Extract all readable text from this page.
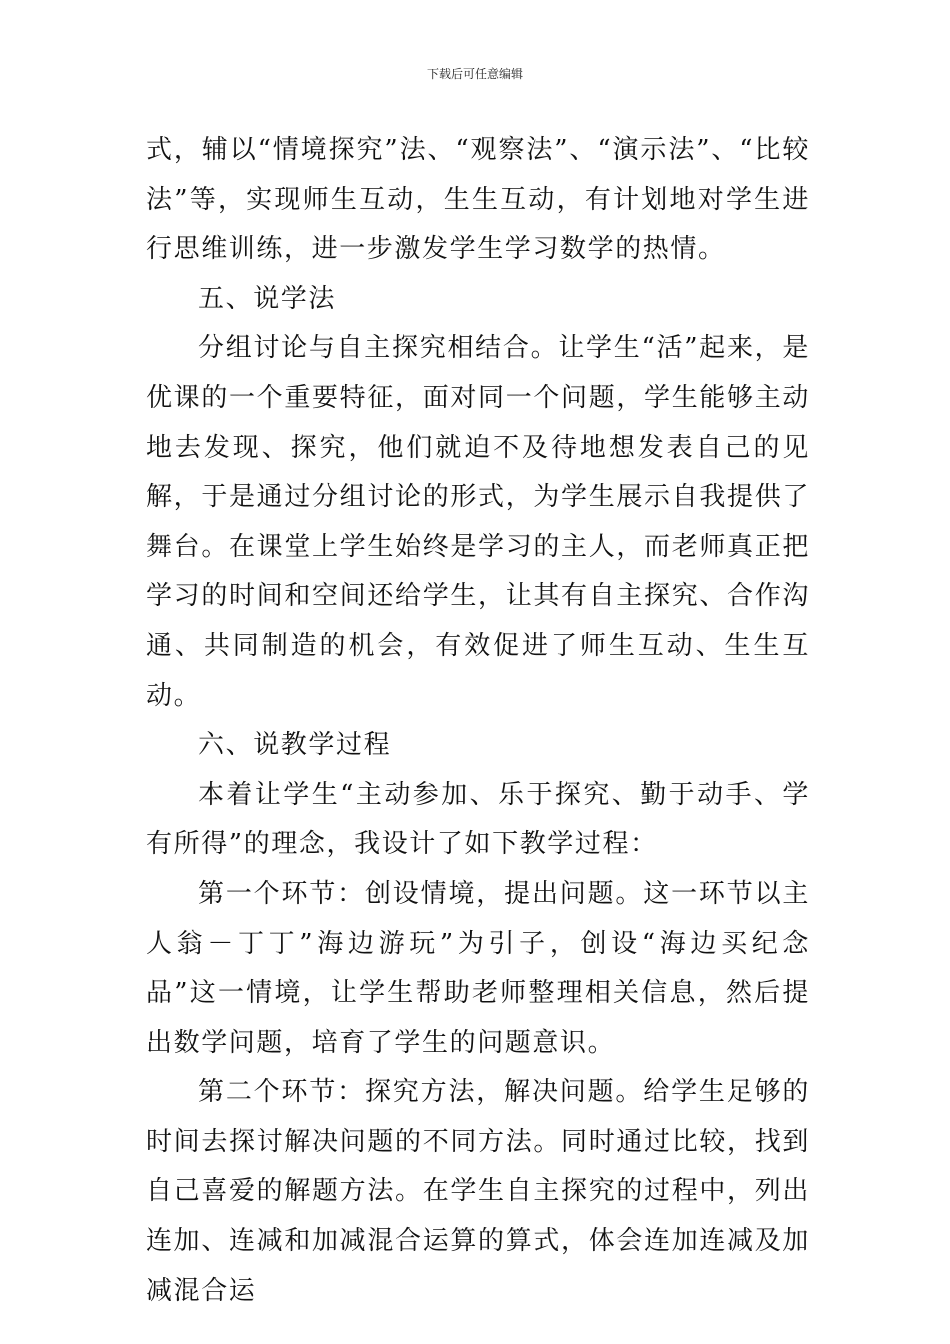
下载后可任意编辑

式，辅以“情境探究”法、“观察法”、“演示法”、“比较法”等，实现师生互动，生生互动，有计划地对学生进行思维训练，进一步激发学生学习数学的热情。

五、说学法

分组讨论与自主探究相结合。让学生“活”起来，是优课的一个重要特征，面对同一个问题，学生能够主动地去发现、探究，他们就迫不及待地想发表自己的见解，于是通过分组讨论的形式，为学生展示自我提供了舞台。在课堂上学生始终是学习的主人，而老师真正把学习的时间和空间还给学生，让其有自主探究、合作沟通、共同制造的机会，有效促进了师生互动、生生互动。

六、说教学过程

本着让学生“主动参加、乐于探究、勤于动手、学有所得”的理念，我设计了如下教学过程：

第一个环节：创设情境，提出问题。这一环节以主人翁－丁丁”海边游玩”为引子，创设“海边买纪念品”这一情境，让学生帮助老师整理相关信息，然后提出数学问题，培育了学生的问题意识。

第二个环节：探究方法，解决问题。给学生足够的时间去探讨解决问题的不同方法。同时通过比较，找到自己喜爱的解题方法。在学生自主探究的过程中，列出连加、连减和加减混合运算的算式，体会连加连减及加减混合运
